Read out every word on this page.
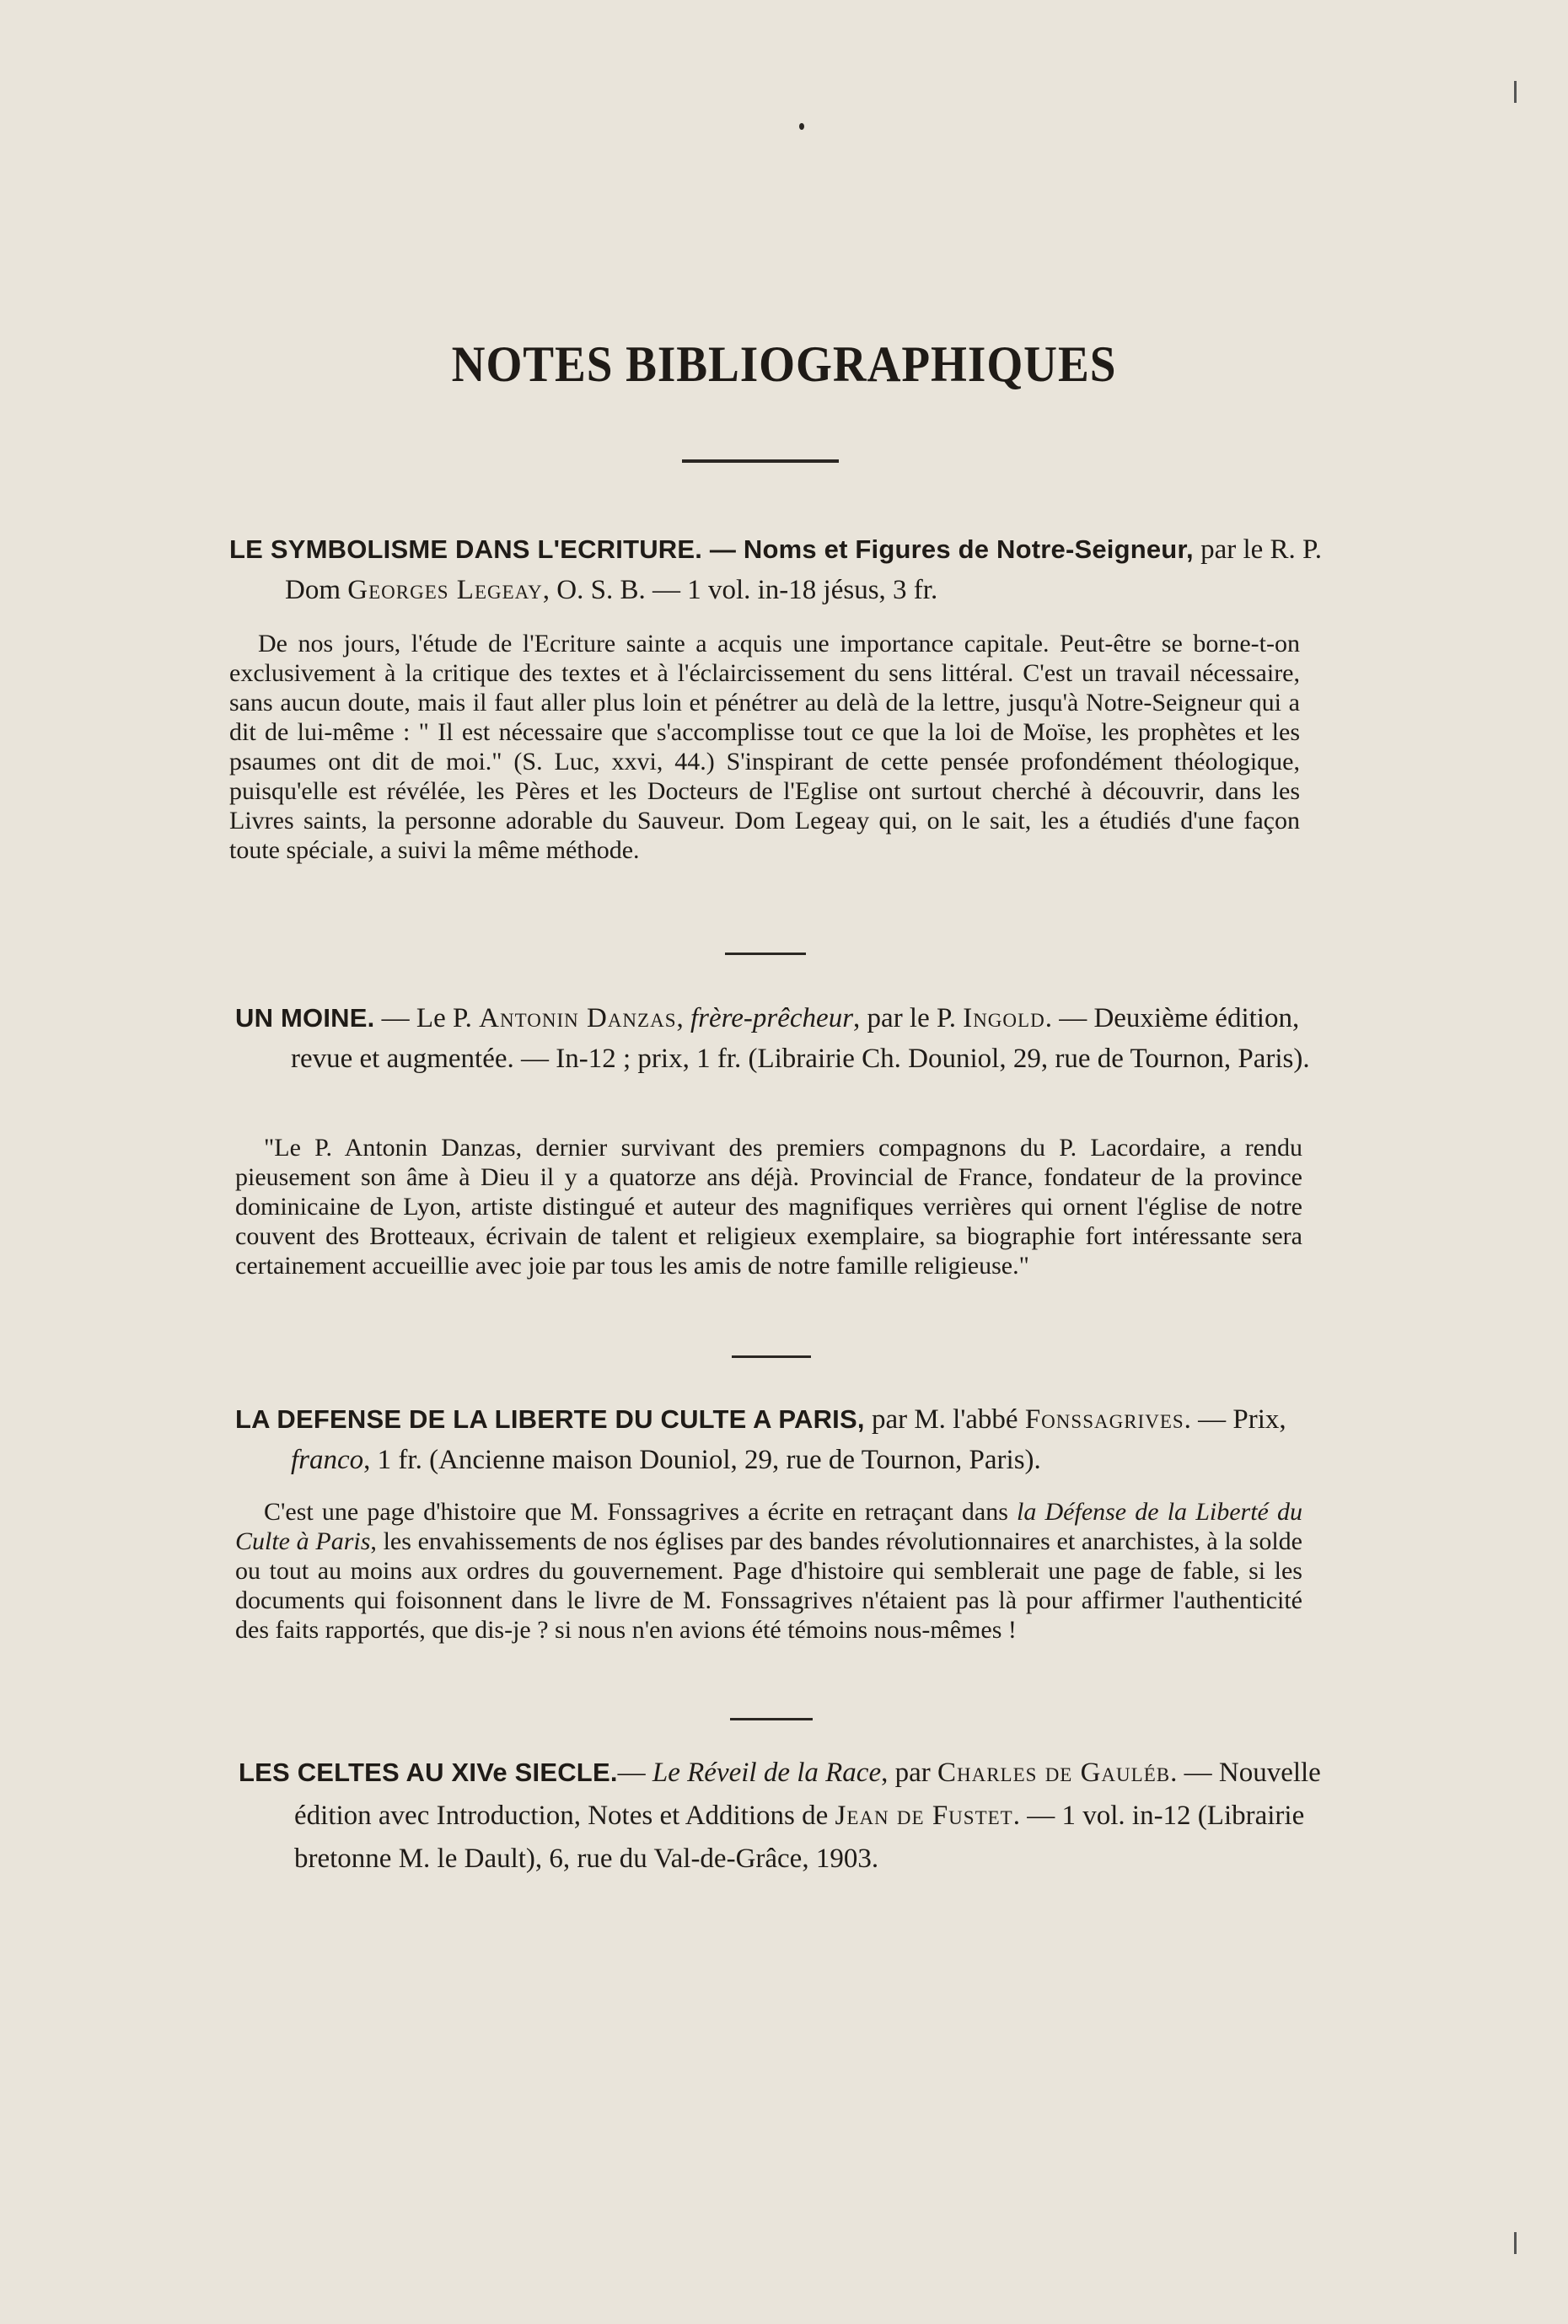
NOTES BIBLIOGRAPHIQUES
LE SYMBOLISME DANS L'ECRITURE. — Noms et Figures de Notre-Seigneur, par le R. P. Dom Georges Legeay, O. S. B. — 1 vol. in-18 jésus, 3 fr.
De nos jours, l'étude de l'Ecriture sainte a acquis une importance capitale. Peut-être se borne-t-on exclusivement à la critique des textes et à l'éclaircissement du sens littéral. C'est un travail nécessaire, sans aucun doute, mais il faut aller plus loin et pénétrer au delà de la lettre, jusqu'à Notre-Seigneur qui a dit de lui-même : " Il est nécessaire que s'accomplisse tout ce que la loi de Moïse, les prophètes et les psaumes ont dit de moi." (S. Luc, xxvi, 44.) S'inspirant de cette pensée profondément théologique, puisqu'elle est révélée, les Pères et les Docteurs de l'Eglise ont surtout cherché à découvrir, dans les Livres saints, la personne adorable du Sauveur. Dom Legeay qui, on le sait, les a étudiés d'une façon toute spéciale, a suivi la même méthode.
UN MOINE. — Le P. Antonin Danzas, frère-prêcheur, par le P. Ingold. — Deuxième édition, revue et augmentée. — In-12 ; prix, 1 fr. (Librairie Ch. Douniol, 29, rue de Tournon, Paris).
"Le P. Antonin Danzas, dernier survivant des premiers compagnons du P. Lacordaire, a rendu pieusement son âme à Dieu il y a quatorze ans déjà. Provincial de France, fondateur de la province dominicaine de Lyon, artiste distingué et auteur des magnifiques verrières qui ornent l'église de notre couvent des Brotteaux, écrivain de talent et religieux exemplaire, sa biographie fort intéressante sera certainement accueillie avec joie par tous les amis de notre famille religieuse."
LA DEFENSE DE LA LIBERTE DU CULTE A PARIS, par M. l'abbé Fonssagrives. — Prix, franco, 1 fr. (Ancienne maison Douniol, 29, rue de Tournon, Paris).
C'est une page d'histoire que M. Fonssagrives a écrite en retraçant dans la Défense de la Liberté du Culte à Paris, les envahissements de nos églises par des bandes révolutionnaires et anarchistes, à la solde ou tout au moins aux ordres du gouvernement. Page d'histoire qui semblerait une page de fable, si les documents qui foisonnent dans le livre de M. Fonssagrives n'étaient pas là pour affirmer l'authenticité des faits rapportés, que dis-je ? si nous n'en avions été témoins nous-mêmes !
LES CELTES AU XIVe SIECLE.— Le Réveil de la Race, par Charles de Gauléb. — Nouvelle édition avec Introduction, Notes et Additions de Jean de Fustet. — 1 vol. in-12 (Librairie bretonne M. le Dault), 6, rue du Val-de-Grâce, 1903.
